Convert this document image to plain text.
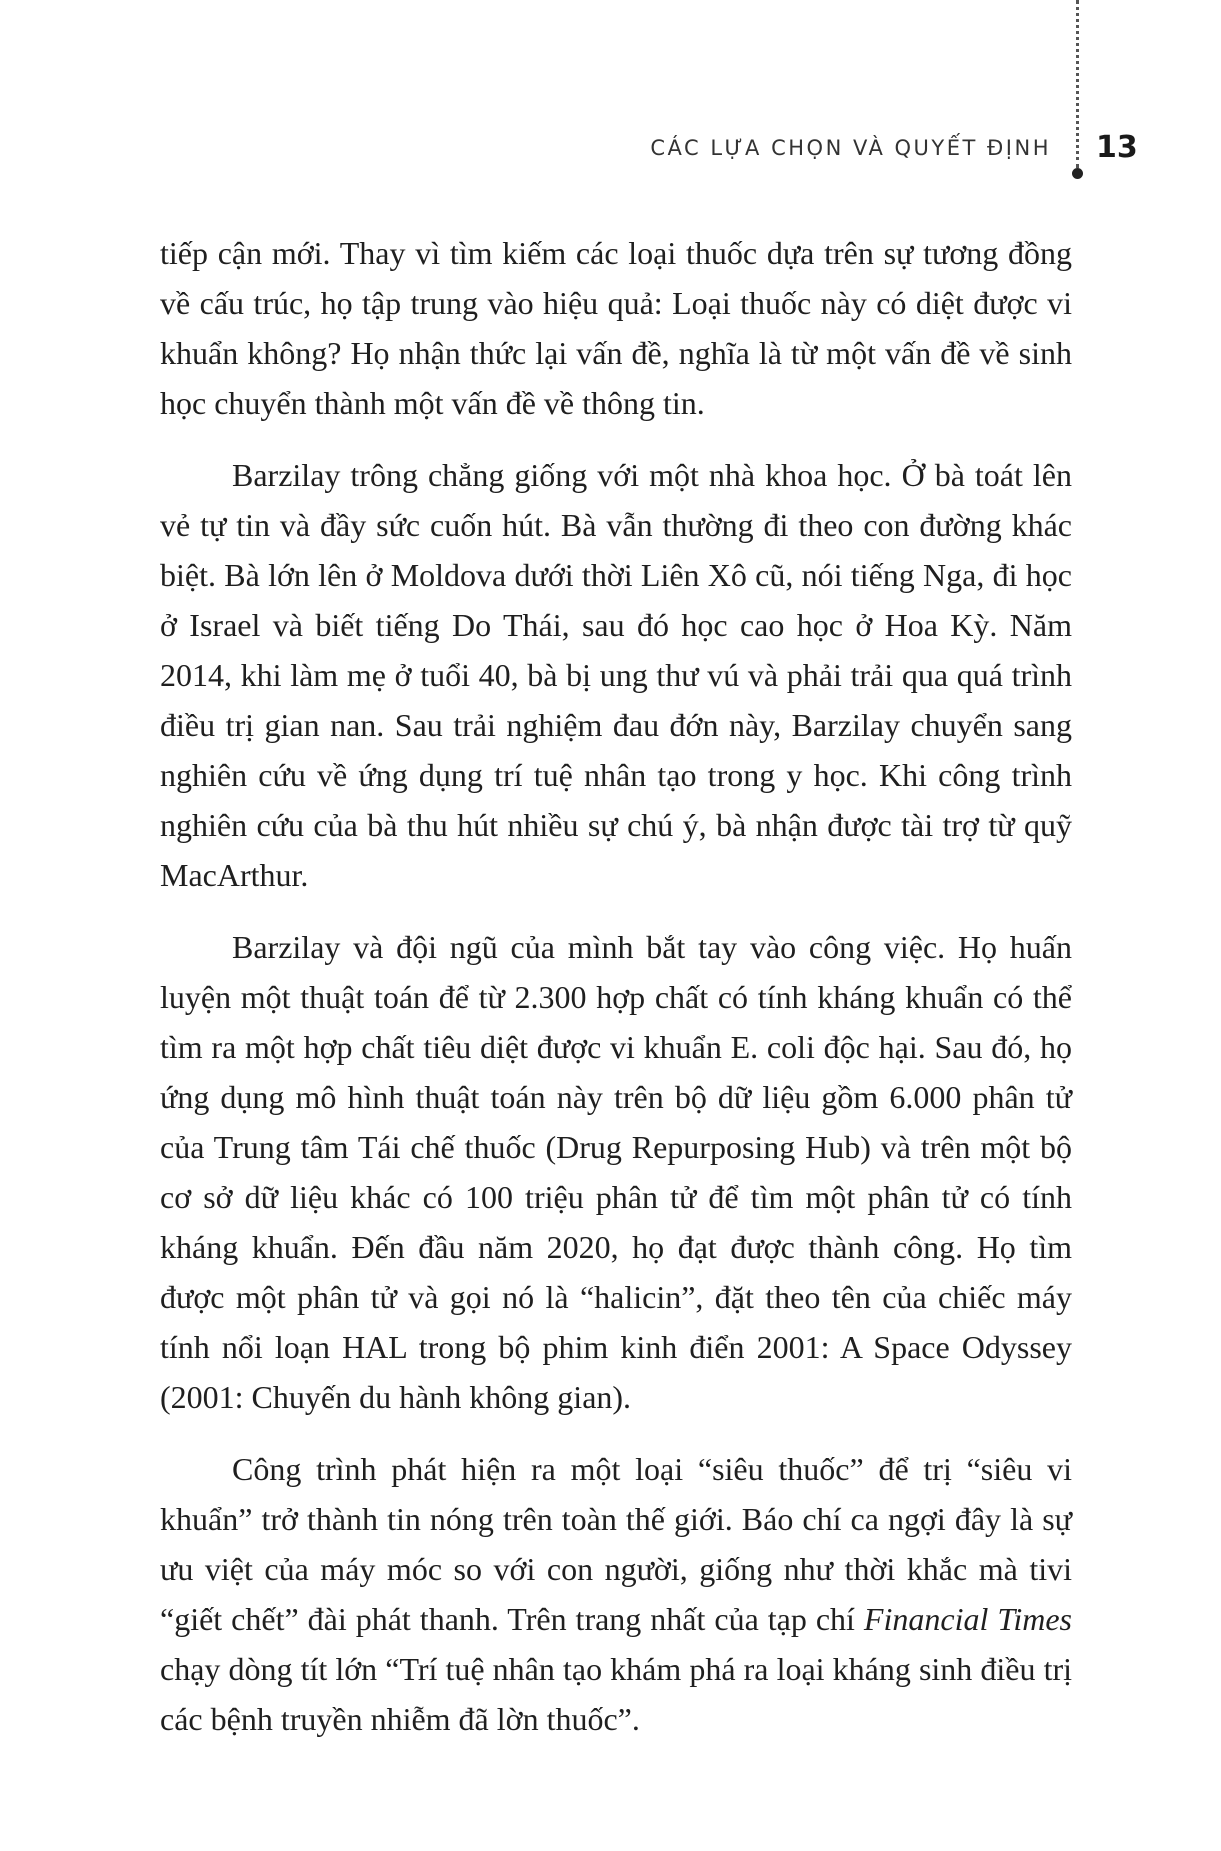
CÁC LỰA CHỌN VÀ QUYẾT ĐỊNH 13

tiếp cận mới. Thay vì tìm kiếm các loại thuốc dựa trên sự tương đồng về cấu trúc, họ tập trung vào hiệu quả: Loại thuốc này có diệt được vi khuẩn không? Họ nhận thức lại vấn đề, nghĩa là từ một vấn đề về sinh học chuyển thành một vấn đề về thông tin.

Barzilay trông chẳng giống với một nhà khoa học. Ở bà toát lên vẻ tự tin và đầy sức cuốn hút. Bà vẫn thường đi theo con đường khác biệt. Bà lớn lên ở Moldova dưới thời Liên Xô cũ, nói tiếng Nga, đi học ở Israel và biết tiếng Do Thái, sau đó học cao học ở Hoa Kỳ. Năm 2014, khi làm mẹ ở tuổi 40, bà bị ung thư vú và phải trải qua quá trình điều trị gian nan. Sau trải nghiệm đau đớn này, Barzilay chuyển sang nghiên cứu về ứng dụng trí tuệ nhân tạo trong y học. Khi công trình nghiên cứu của bà thu hút nhiều sự chú ý, bà nhận được tài trợ từ quỹ MacArthur.

Barzilay và đội ngũ của mình bắt tay vào công việc. Họ huấn luyện một thuật toán để từ 2.300 hợp chất có tính kháng khuẩn có thể tìm ra một hợp chất tiêu diệt được vi khuẩn E. coli độc hại. Sau đó, họ ứng dụng mô hình thuật toán này trên bộ dữ liệu gồm 6.000 phân tử của Trung tâm Tái chế thuốc (Drug Repurposing Hub) và trên một bộ cơ sở dữ liệu khác có 100 triệu phân tử để tìm một phân tử có tính kháng khuẩn. Đến đầu năm 2020, họ đạt được thành công. Họ tìm được một phân tử và gọi nó là “halicin”, đặt theo tên của chiếc máy tính nổi loạn HAL trong bộ phim kinh điển 2001: A Space Odyssey (2001: Chuyến du hành không gian).

Công trình phát hiện ra một loại “siêu thuốc” để trị “siêu vi khuẩn” trở thành tin nóng trên toàn thế giới. Báo chí ca ngợi đây là sự ưu việt của máy móc so với con người, giống như thời khắc mà tivi “giết chết” đài phát thanh. Trên trang nhất của tạp chí Financial Times chạy dòng tít lớn “Trí tuệ nhân tạo khám phá ra loại kháng sinh điều trị các bệnh truyền nhiễm đã lờn thuốc”.
